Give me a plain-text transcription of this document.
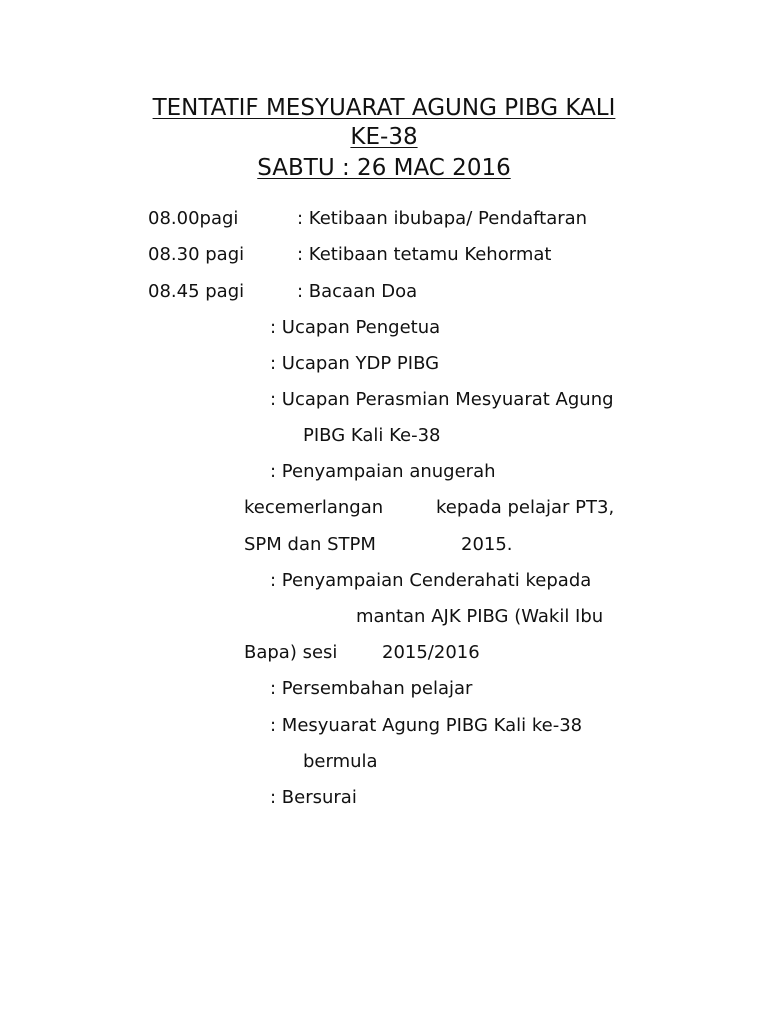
TENTATIF MESYUARAT AGUNG PIBG KALI
KE-38
SABTU : 26 MAC 2016
08.00pagi	: Ketibaan ibubapa/ Pendaftaran
08.30 pagi	: Ketibaan tetamu Kehormat
08.45 pagi	: Bacaan Doa
: Ucapan Pengetua
: Ucapan YDP PIBG
: Ucapan Perasmian Mesyuarat Agung
PIBG Kali Ke-38
: Penyampaian anugerah
kecemerlangan	kepada pelajar PT3,
SPM dan STPM	2015.
: Penyampaian Cenderahati kepada
mantan AJK PIBG (Wakil Ibu
Bapa) sesi 2015/2016
: Persembahan pelajar
: Mesyuarat Agung PIBG Kali ke-38
bermula
: Bersurai
